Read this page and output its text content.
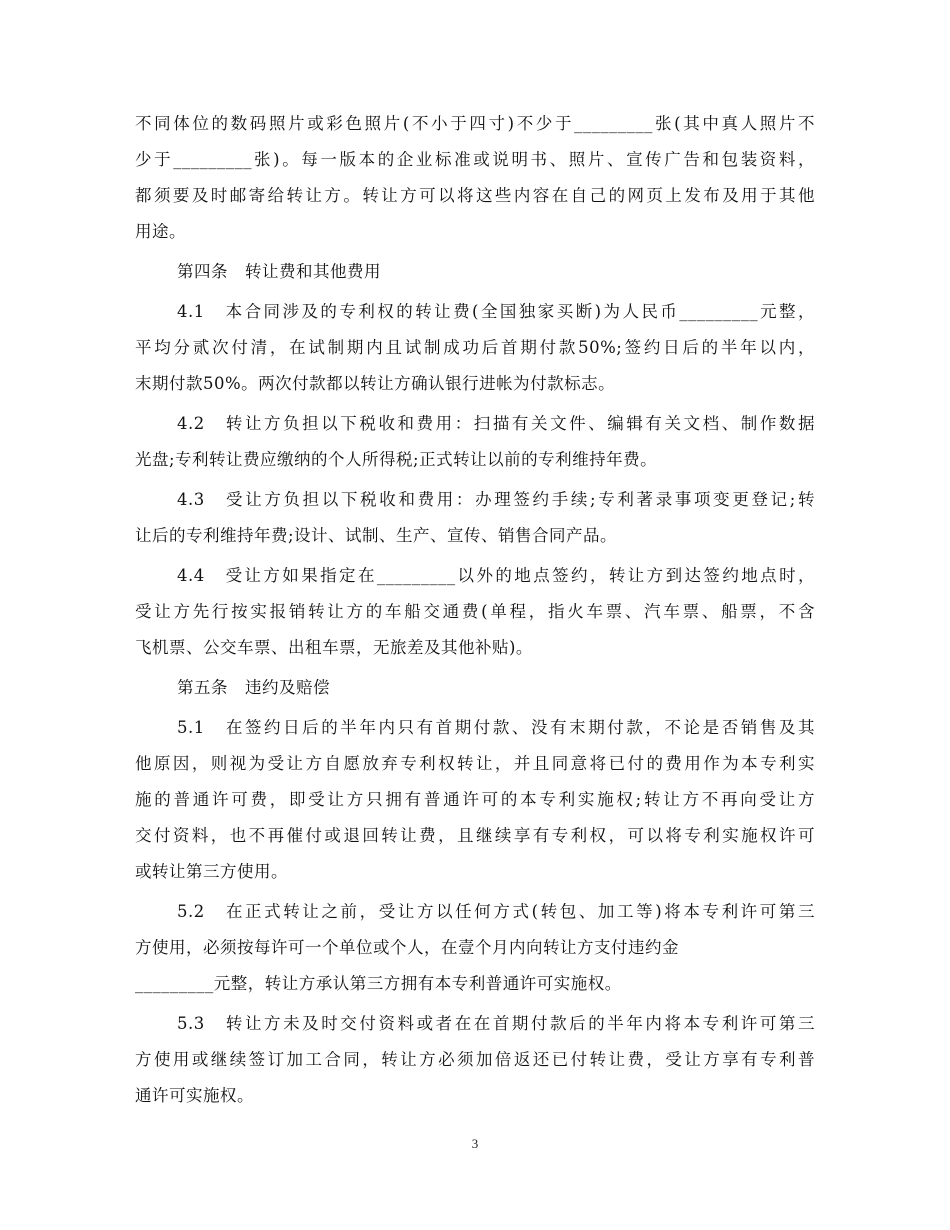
不同体位的数码照片或彩色照片(不小于四寸)不少于_________张(其中真人照片不
少于_________张)。每一版本的企业标准或说明书、照片、宣传广告和包装资料，
都须要及时邮寄给转让方。转让方可以将这些内容在自己的网页上发布及用于其他
用途。
第四条　转让费和其他费用
4.1　本合同涉及的专利权的转让费(全国独家买断)为人民币_________元整，
平均分贰次付清，在试制期内且试制成功后首期付款50%;签约日后的半年以内，
末期付款50%。两次付款都以转让方确认银行进帐为付款标志。
4.2　转让方负担以下税收和费用：扫描有关文件、编辑有关文档、制作数据
光盘;专利转让费应缴纳的个人所得税;正式转让以前的专利维持年费。
4.3　受让方负担以下税收和费用：办理签约手续;专利著录事项变更登记;转
让后的专利维持年费;设计、试制、生产、宣传、销售合同产品。
4.4　受让方如果指定在_________以外的地点签约，转让方到达签约地点时，
受让方先行按实报销转让方的车船交通费(单程，指火车票、汽车票、船票，不含
飞机票、公交车票、出租车票，无旅差及其他补贴)。
第五条　违约及赔偿
5.1　在签约日后的半年内只有首期付款、没有末期付款，不论是否销售及其
他原因，则视为受让方自愿放弃专利权转让，并且同意将已付的费用作为本专利实
施的普通许可费，即受让方只拥有普通许可的本专利实施权;转让方不再向受让方
交付资料，也不再催付或退回转让费，且继续享有专利权，可以将专利实施权许可
或转让第三方使用。
5.2　在正式转让之前，受让方以任何方式(转包、加工等)将本专利许可第三
方使用，必须按每许可一个单位或个人，在壹个月内向转让方支付违约金
_________元整，转让方承认第三方拥有本专利普通许可实施权。
5.3　转让方未及时交付资料或者在在首期付款后的半年内将本专利许可第三
方使用或继续签订加工合同，转让方必须加倍返还已付转让费，受让方享有专利普
通许可实施权。
3
